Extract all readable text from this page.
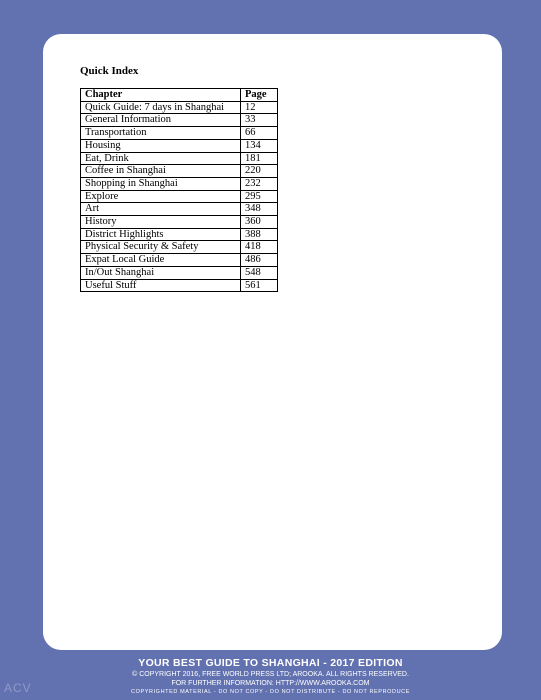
Quick Index
Chapter	Page
Quick Guide: 7 days in Shanghai	12
General Information	33
Transportation	66
Housing	134
Eat, Drink	181
Coffee in Shanghai	220
Shopping in Shanghai	232
Explore	295
Art	348
History	360
District Highlights	388
Physical Security & Safety	418
Expat Local Guide	486
In/Out Shanghai	548
Useful Stuff	561
YOUR BEST GUIDE TO SHANGHAI - 2017 EDITION
© COPYRIGHT 2016, FREE WORLD PRESS LTD; AROOKA. ALL RIGHTS RESERVED.
FOR FURTHER INFORMATION: HTTP://WWW.AROOKA.COM
COPYRIGHTED MATERIAL - DO NOT COPY - DO NOT DISTRIBUTE - DO NOT REPRODUCE
ACV
